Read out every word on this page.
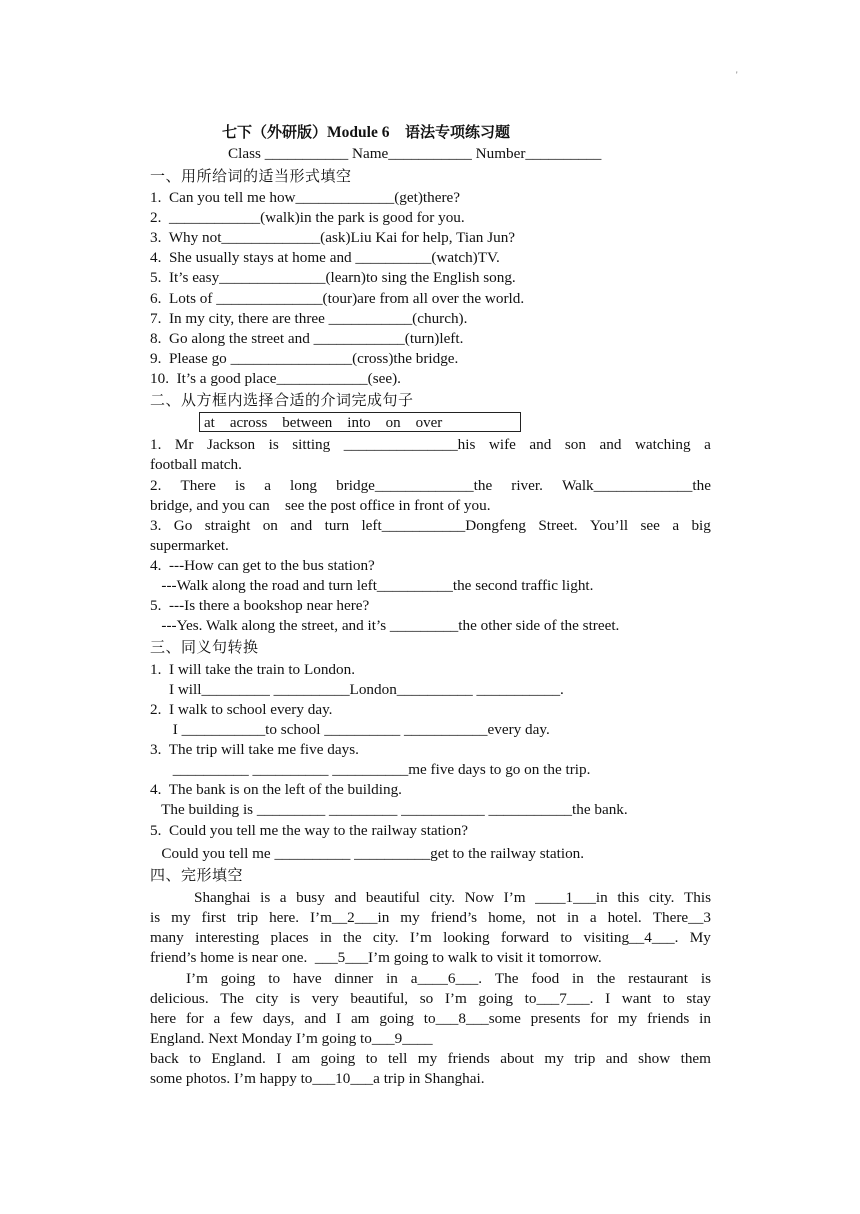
'
七下（外研版）Module 6 语法专项练习题
Class ___________ Name___________ Number__________
一、用所给词的适当形式填空
1.  Can you tell me how_____________(get)there?
2.  ____________(walk)in the park is good for you.
3.  Why not_____________(ask)Liu Kai for help, Tian Jun?
4.  She usually stays at home and __________(watch)TV.
5.  It’s easy______________(learn)to sing the English song.
6.  Lots of ______________(tour)are from all over the world.
7.  In my city, there are three ___________(church).
8.  Go along the street and ____________(turn)left.
9.  Please go ________________(cross)the bridge.
10.  It’s a good place____________(see).
二、从方框内选择合适的介词完成句子
at    across    between    into    on    over
1. Mr Jackson is sitting _______________his wife and son and watching a
football match.
2. There is a long bridge_____________the river. Walk_____________the
bridge, and you can    see the post office in front of you.
3. Go straight on and turn left___________Dongfeng Street. You’ll see a big
supermarket.
4.  ---How can get to the bus station?
---Walk along the road and turn left__________the second traffic light.
5.  ---Is there a bookshop near here?
---Yes. Walk along the street, and it’s _________the other side of the street.
三、同义句转换
1.  I will take the train to London.
I will_________ __________London__________ ___________.
2.  I walk to school every day.
I ___________to school __________ ___________every day.
3.  The trip will take me five days.
__________ __________ __________me five days to go on the trip.
4.  The bank is on the left of the building.
The building is _________ _________ ___________ ___________the bank.
5.  Could you tell me the way to the railway station?
Could you tell me __________ __________get to the railway station.
四、完形填空
Shanghai is a busy and beautiful city. Now I’m ____1___in this city. This
is my first trip here. I’m__2___in my friend’s home, not in a hotel. There__3
many interesting places in the city. I’m looking forward to visiting__4___. My
friend’s home is near one.  ___5___I’m going to walk to visit it tomorrow.
I’m going to have dinner in a____6___. The food in the restaurant is
delicious. The city is very beautiful, so I’m going to___7___. I want to stay
here for a few days, and I am going to___8___some presents for my friends in
England. Next Monday I’m going to___9____
back to England. I am going to tell my friends about my trip and show them
some photos. I’m happy to___10___a trip in Shanghai.
